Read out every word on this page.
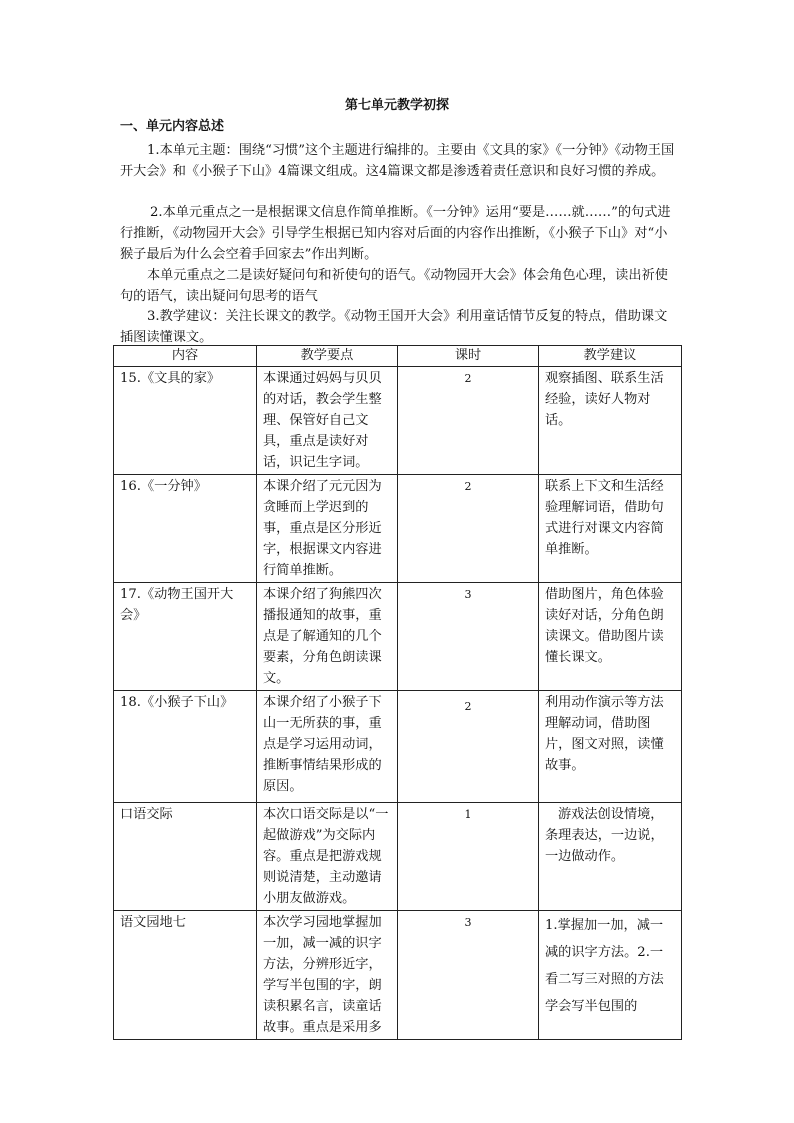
第七单元教学初探
一、单元内容总述

1.本单元主题：围绕“习惯”这个主题进行编排的。主要由《文具的家》《一分钟》《动物王国开大会》和《小猴子下山》4篇课文组成。这4篇课文都是渗透着责任意识和良好习惯的养成。

2.本单元重点之一是根据课文信息作简单推断。《一分钟》运用“要是……就……”的句式进行推断，《动物园开大会》引导学生根据已知内容对后面的内容作出推断，《小猴子下山》对“小猴子最后为什么会空着手回家去”作出判断。

本单元重点之二是读好疑问句和祈使句的语气。《动物园开大会》体会角色心理，读出祈使句的语气，读出疑问句思考的语气

3.教学建议：关注长课文的教学。《动物王国开大会》利用童话情节反复的特点，借助课文插图读懂课文。

内容	教学要点	课时	教学建议
15.《文具的家》	本课通过妈妈与贝贝的对话，教会学生整理、保管好自己文具，重点是读好对话，识记生字词。	2	观察插图、联系生活经验，读好人物对话。
16.《一分钟》	本课介绍了元元因为贪睡而上学迟到的事，重点是区分形近字，根据课文内容进行简单推断。	2	联系上下文和生活经验理解词语，借助句式进行对课文内容简单推断。
17.《动物王国开大会》	本课介绍了狗熊四次播报通知的故事，重点是了解通知的几个要素，分角色朗读课文。	3	借助图片，角色体验读好对话，分角色朗读课文。借助图片读懂长课文。
18.《小猴子下山》	本课介绍了小猴子下山一无所获的事，重点是学习运用动词，推断事情结果形成的原因。	2	利用动作演示等方法理解动词，借助图片，图文对照，读懂故事。
口语交际	本次口语交际是以“一起做游戏”为交际内容。重点是把游戏规则说清楚，主动邀请小朋友做游戏。	1	游戏法创设情境，条理表达，一边说，一边做动作。
语文园地七	本次学习园地掌握加一加，减一减的识字方法，分辨形近字，学写半包围的字，朗读积累名言，读童话故事。重点是采用多	3	1.掌握加一加，减一减的识字方法。2.一看二写三对照的方法学会写半包围的
